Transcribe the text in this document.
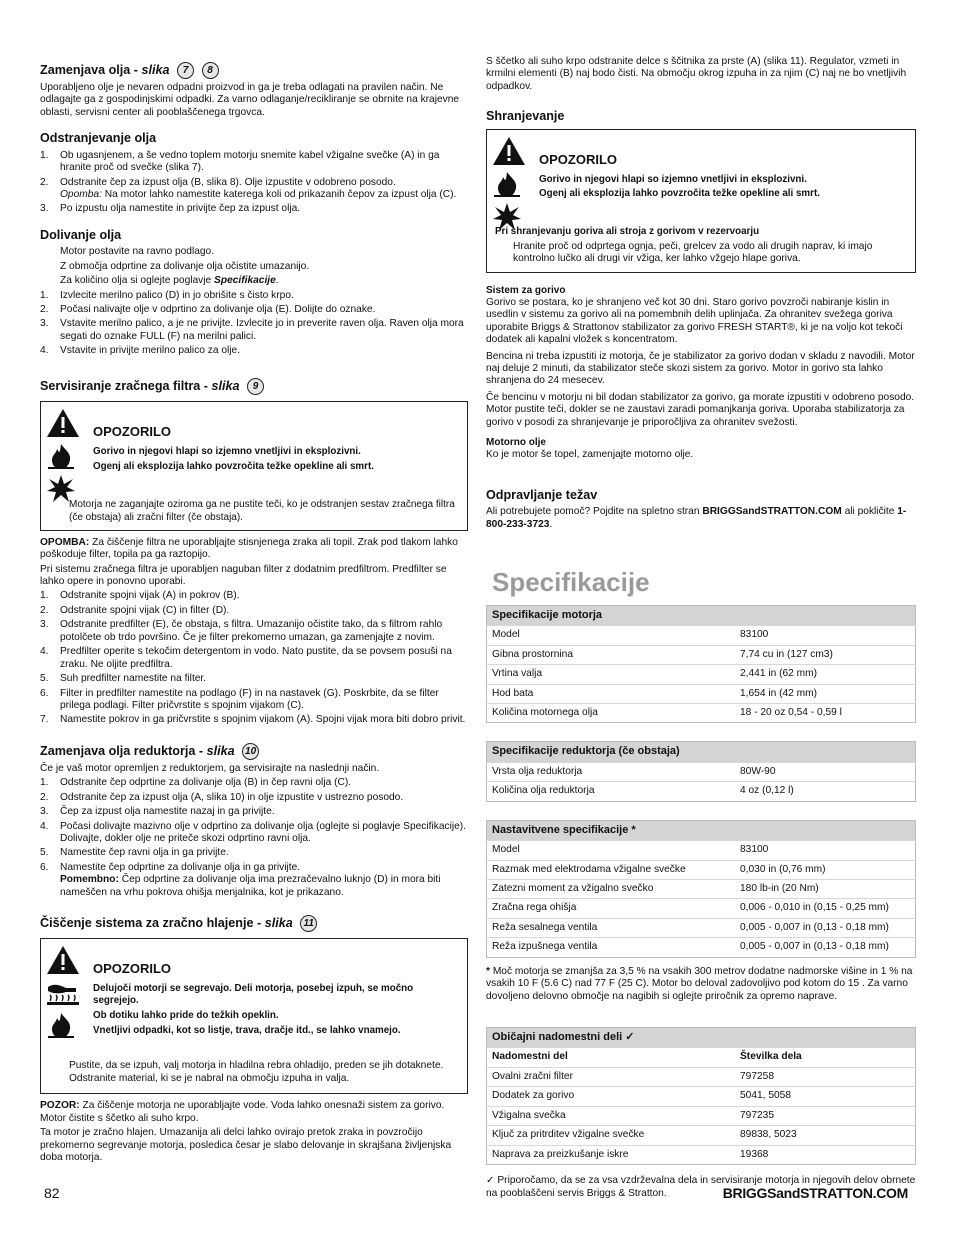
Zamenjava olja - slika 7 8

Uporabljeno olje je nevaren odpadni proizvod in ga je treba odlagati na pravilen način. Ne odlagajte ga z gospodinjskimi odpadki. Za varno odlaganje/recikliranje se obrnite na krajevne oblasti, servisni center ali pooblaščenega trgovca.

Odstranjevanje olja
1. Ob ugasnjenem, a še vedno toplem motorju snemite kabel vžigalne svečke (A) in ga hranite proč od svečke (slika 7).
2. Odstranite čep za izpust olja (B, slika 8). Olje izpustite v odobreno posodo.
Opomba: Na motor lahko namestite katerega koli od prikazanih čepov za izpust olja (C).
3. Po izpustu olja namestite in privijte čep za izpust olja.
Dolivanje olja

Motor postavite na ravno podlago.

Z območja odprtine za dolivanje olja očistite umazanijo.

Za količino olja si oglejte poglavje Specifikacije.

1. Izvlecite merilno palico (D) in jo obrišite s čisto krpo.
2. Počasi nalivajte olje v odprtino za dolivanje olja (E). Dolijte do oznake.
3. Vstavite merilno palico, a je ne privijte. Izvlecite jo in preverite raven olja. Raven olja mora segati do oznake FULL (F) na merilni palici.
4. Vstavite in privijte merilno palico za olje.
Servisiranje zračnega filtra - slika 9
OPOZORILO
Gorivo in njegovi hlapi so izjemno vnetljivi in eksplozivni.
Ogenj ali eksplozija lahko povzročita težke opekline ali smrt.
Motorja ne zaganjajte oziroma ga ne pustite teči, ko je odstranjen sestav zračnega filtra (če obstaja) ali zračni filter (če obstaja).

OPOMBA: Za čiščenje filtra ne uporabljajte stisnjenega zraka ali topil. Zrak pod tlakom lahko poškoduje filter, topila pa ga raztopijo.

Pri sistemu zračnega filtra je uporabljen naguban filter z dodatnim predfiltrom. Predfilter se lahko opere in ponovno uporabi.

1. Odstranite spojni vijak (A) in pokrov (B).
2. Odstranite spojni vijak (C) in filter (D).
3. Odstranite predfilter (E), če obstaja, s filtra. Umazanijo očistite tako, da s filtrom rahlo potolčete ob trdo površino. Če je filter prekomerno umazan, ga zamenjajte z novim.
4. Predfilter operite s tekočim detergentom in vodo. Nato pustite, da se povsem posuši na zraku. Ne oljite predfiltra.
5. Suh predfilter namestite na filter.
6. Filter in predfilter namestite na podlago (F) in na nastavek (G). Poskrbite, da se filter prilega podlagi. Filter pričvrstite s spojnim vijakom (C).
7. Namestite pokrov in ga pričvrstite s spojnim vijakom (A). Spojni vijak mora biti dobro privit.
Zamenjava olja reduktorja - slika 10

Če je vaš motor opremljen z reduktorjem, ga servisirajte na naslednji način.

1. Odstranite čep odprtine za dolivanje olja (B) in čep ravni olja (C).
2. Odstranite čep za izpust olja (A, slika 10) in olje izpustite v ustrezno posodo.
3. Čep za izpust olja namestite nazaj in ga privijte.
4. Počasi dolivajte mazivno olje v odprtino za dolivanje olja (oglejte si poglavje Specifikacije). Dolivajte, dokler olje ne priteče skozi odprtino ravni olja.
5. Namestite čep ravni olja in ga privijte.
6. Namestite čep odprtine za dolivanje olja in ga privijte.
Pomembno: Čep odprtine za dolivanje olja ima prezračevalno luknjo (D) in mora biti nameščen na vrhu pokrova ohišja menjalnika, kot je prikazano.
Čiščenje sistema za zračno hlajenje - slika 11
OPOZORILO
Delujoči motorji se segrevajo. Deli motorja, posebej izpuh, se močno segrejejo.
Ob dotiku lahko pride do težkih opeklin.
Vnetljivi odpadki, kot so listje, trava, dračje itd., se lahko vnamejo.
Pustite, da se izpuh, valj motorja in hladilna rebra ohladijo, preden se jih dotaknete.
Odstranite material, ki se je nabral na območju izpuha in valja.

POZOR: Za čiščenje motorja ne uporabljajte vode. Voda lahko onesnaži sistem za gorivo. Motor čistite s ščetko ali suho krpo.

Ta motor je zračno hlajen. Umazanija ali delci lahko ovirajo pretok zraka in povzročijo prekomerno segrevanje motorja, posledica česar je slabo delovanje in skrajšana življenjska doba motorja.

S ščetko ali suho krpo odstranite delce s ščitnika za prste (A) (slika 11). Regulator, vzmeti in krmilni elementi (B) naj bodo čisti. Na območju okrog izpuha in za njim (C) naj ne bo vnetljivih odpadkov.

Shranjevanje
OPOZORILO
Gorivo in njegovi hlapi so izjemno vnetljivi in eksplozivni.
Ogenj ali eksplozija lahko povzročita težke opekline ali smrt.
Pri shranjevanju goriva ali stroja z gorivom v rezervoarju
Hranite proč od odprtega ognja, peči, grelcev za vodo ali drugih naprav, ki imajo kontrolno lučko ali drugi vir vžiga, ker lahko vžgejo hlape goriva.
Sistem za gorivo

Gorivo se postara, ko je shranjeno več kot 30 dni. Staro gorivo povzroči nabiranje kislin in usedlin v sistemu za gorivo ali na pomembnih delih uplinjača. Za ohranitev svežega goriva uporabite Briggs & Strattonov stabilizator za gorivo FRESH START®, ki je na voljo kot tekoči dodatek ali kapalni vložek s koncentratom.

Bencina ni treba izpustiti iz motorja, če je stabilizator za gorivo dodan v skladu z navodili. Motor naj deluje 2 minuti, da stabilizator steče skozi sistem za gorivo. Motor in gorivo sta lahko shranjena do 24 mesecev.

Če bencinu v motorju ni bil dodan stabilizator za gorivo, ga morate izpustiti v odobreno posodo. Motor pustite teči, dokler se ne zaustavi zaradi pomanjkanja goriva. Uporaba stabilizatorja za gorivo v posodi za shranjevanje je priporočljiva za ohranitev svežosti.

Motorno olje

Ko je motor še topel, zamenjajte motorno olje.

Odpravljanje težav

Ali potrebujete pomoč? Pojdite na spletno stran BRIGGSandSTRATTON.COM ali pokličite 1-800-233-3723.

Specifikacije
Specifikacije motorja	
Model	83100
Gibna prostornina	7,74 cu in (127 cm3)
Vrtina valja	2,441 in (62 mm)
Hod bata	1,654 in (42 mm)
Količina motornega olja	18 - 20 oz 0,54 - 0,59 l
Specifikacije reduktorja (če obstaja)	
Vrsta olja reduktorja	80W-90
Količina olja reduktorja	4 oz (0,12 l)
Nastavitvene specifikacije *	
Model	83100
Razmak med elektrodama vžigalne svečke	0,030 in (0,76 mm)
Zatezni moment za vžigalno svečko	180 lb-in (20 Nm)
Zračna rega ohišja	0,006 - 0,010 in (0,15 - 0,25 mm)
Reža sesalnega ventila	0,005 - 0,007 in (0,13 - 0,18 mm)
Reža izpušnega ventila	0,005 - 0,007 in (0,13 - 0,18 mm)

* Moč motorja se zmanjša za 3,5 % na vsakih 300 metrov dodatne nadmorske višine in 1 % na vsakih 10 F (5.6 C) nad 77 F (25 C). Motor bo deloval zadovoljivo pod kotom do 15 . Za varno dovoljeno delovno območje na nagibih si oglejte priročnik za opremo naprave.

Običajni nadomestni deli ✓	
Nadomestni del	Številka dela
Ovalni zračni filter	797258
Dodatek za gorivo	5041, 5058
Vžigalna svečka	797235
Ključ za pritrditev vžigalne svečke	89838, 5023
Naprava za preizkušanje iskre	19368

✓ Priporočamo, da se za vsa vzdrževalna dela in servisiranje motorja in njegovih delov obrnete na pooblaščeni servis Briggs & Stratton.

82	BRIGGSandSTRATTON.COM
